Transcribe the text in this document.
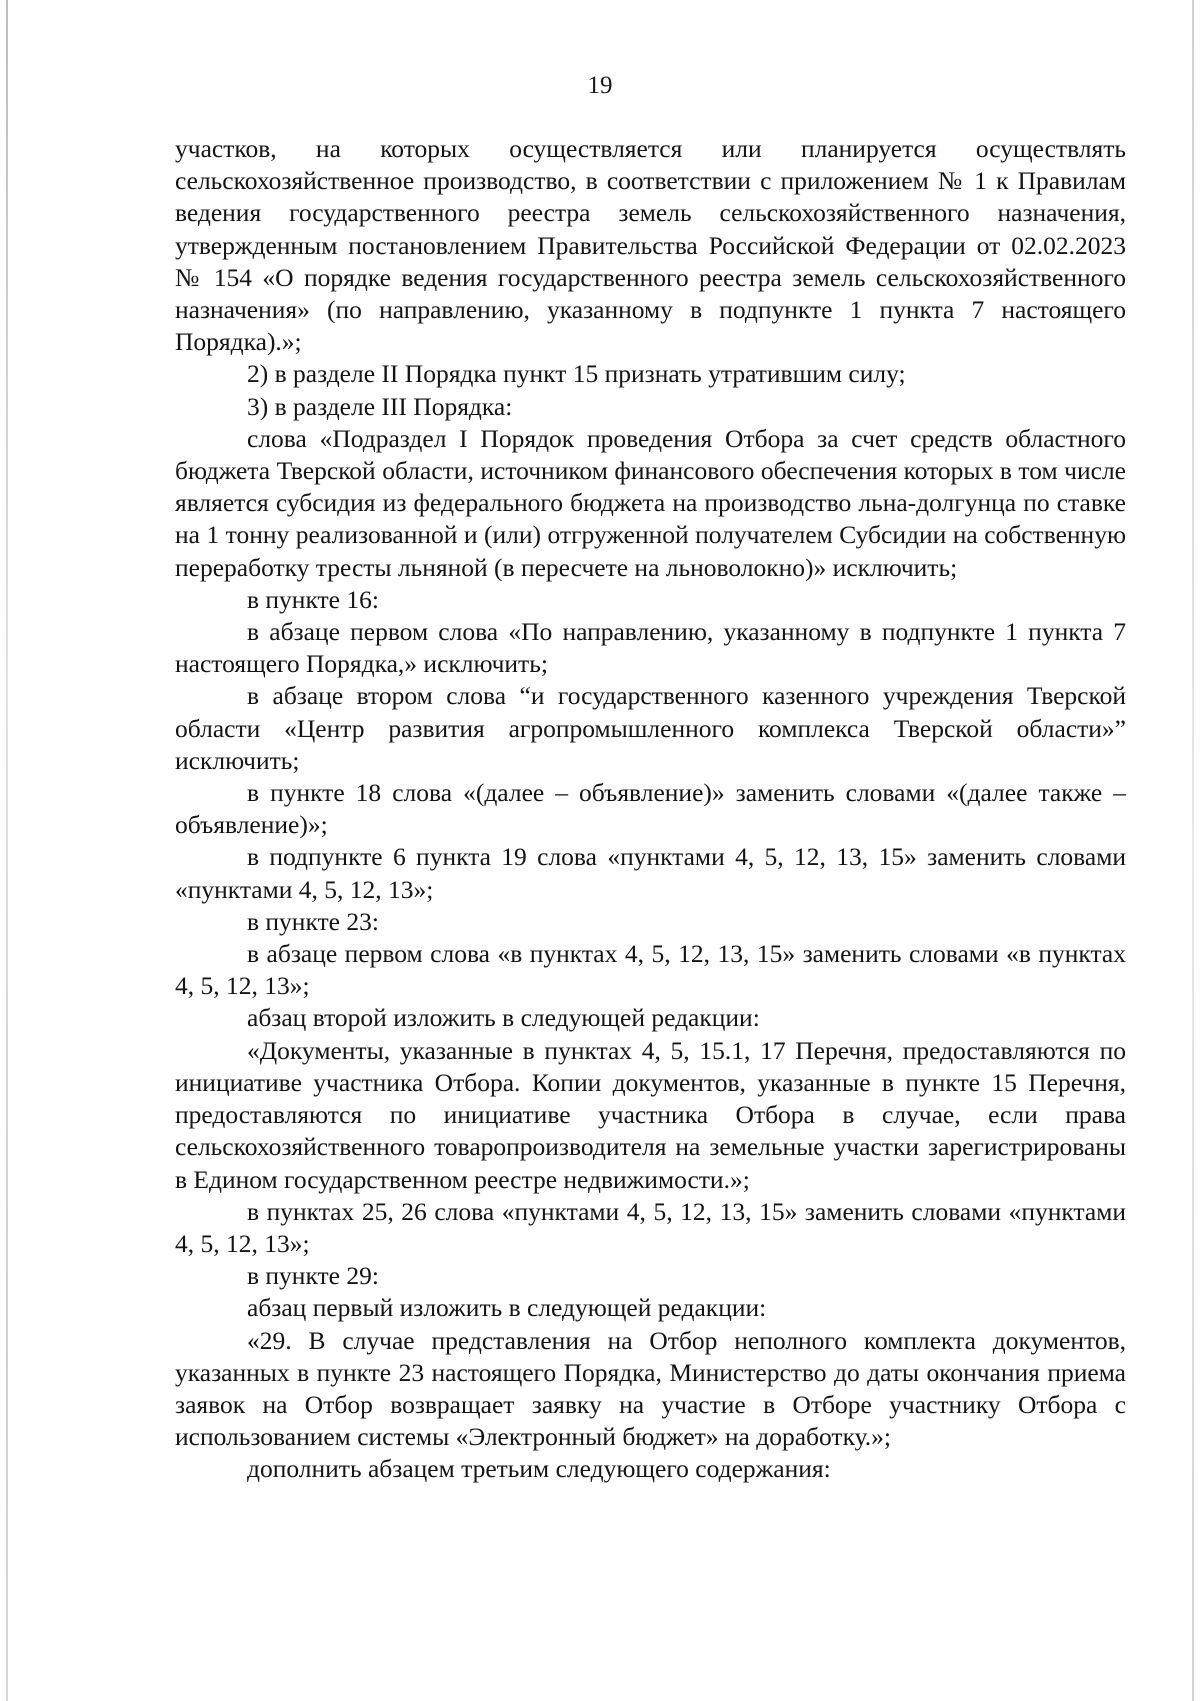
19

участков, на которых осуществляется или планируется осуществлять сельскохозяйственное производство, в соответствии с приложением № 1 к Правилам ведения государственного реестра земель сельскохозяйственного назначения, утвержденным постановлением Правительства Российской Федерации от 02.02.2023 № 154 «О порядке ведения государственного реестра земель сельскохозяйственного назначения» (по направлению, указанному в подпункте 1 пункта 7 настоящего Порядка).»;

2) в разделе II Порядка пункт 15 признать утратившим силу;

3) в разделе III Порядка:

слова «Подраздел I Порядок проведения Отбора за счет средств областного бюджета Тверской области, источником финансового обеспечения которых в том числе является субсидия из федерального бюджета на производство льна-долгунца по ставке на 1 тонну реализованной и (или) отгруженной получателем Субсидии на собственную переработку тресты льняной (в пересчете на льноволокно)» исключить;

в пункте 16:

в абзаце первом слова «По направлению, указанному в подпункте 1 пункта 7 настоящего Порядка,» исключить;

в абзаце втором слова “и государственного казенного учреждения Тверской области «Центр развития агропромышленного комплекса Тверской области»” исключить;

в пункте 18 слова «(далее – объявление)» заменить словами «(далее также – объявление)»;

в подпункте 6 пункта 19 слова «пунктами 4, 5, 12, 13, 15» заменить словами «пунктами 4, 5, 12, 13»;

в пункте 23:

в абзаце первом слова «в пунктах 4, 5, 12, 13, 15» заменить словами «в пунктах 4, 5, 12, 13»;

абзац второй изложить в следующей редакции:

«Документы, указанные в пунктах 4, 5, 15.1, 17 Перечня, предоставляются по инициативе участника Отбора. Копии документов, указанные в пункте 15 Перечня, предоставляются по инициативе участника Отбора в случае, если права сельскохозяйственного товаропроизводителя на земельные участки зарегистрированы в Едином государственном реестре недвижимости.»;

в пунктах 25, 26 слова «пунктами 4, 5, 12, 13, 15» заменить словами «пунктами 4, 5, 12, 13»;

в пункте 29:

абзац первый изложить в следующей редакции:

«29. В случае представления на Отбор неполного комплекта документов, указанных в пункте 23 настоящего Порядка, Министерство до даты окончания приема заявок на Отбор возвращает заявку на участие в Отборе участнику Отбора с использованием системы «Электронный бюджет» на доработку.»;

дополнить абзацем третьим следующего содержания:
